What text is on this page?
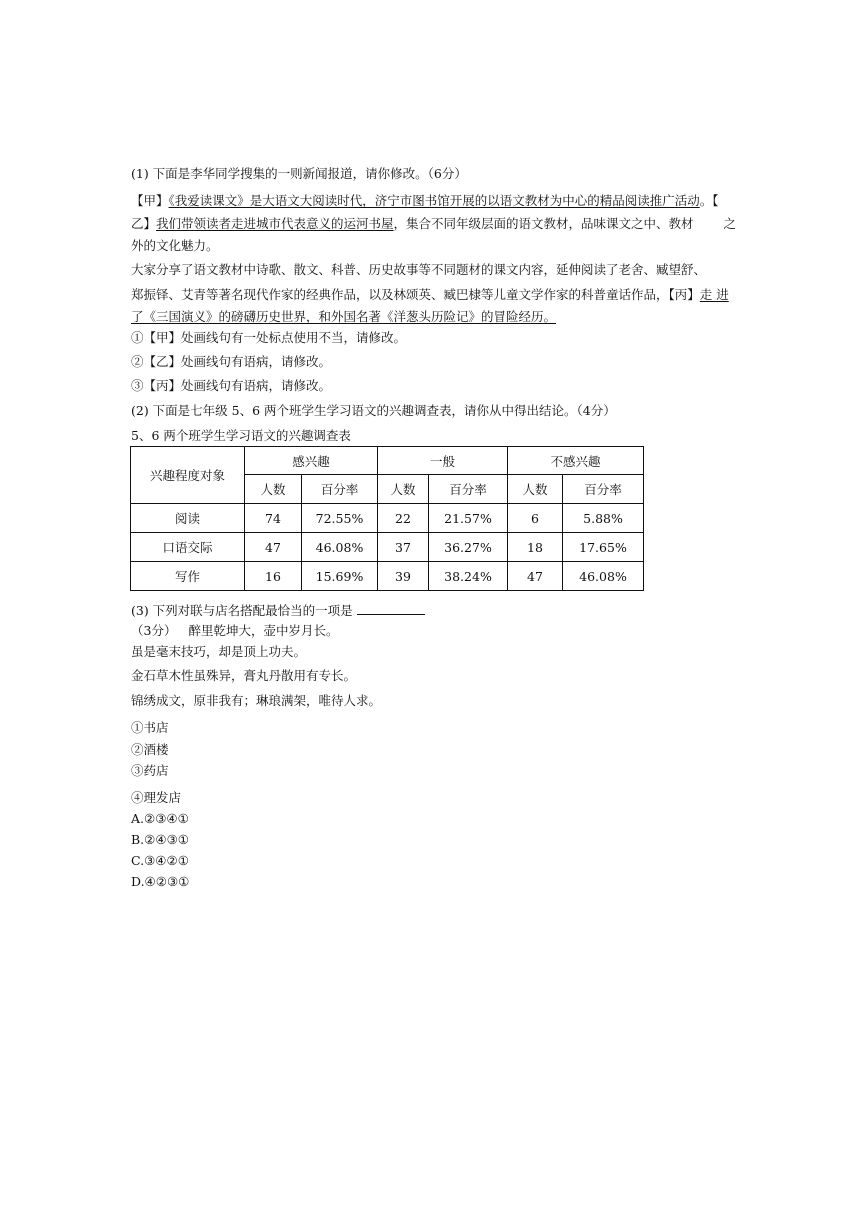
(1) 下面是李华同学搜集的一则新闻报道，请你修改。（6分）
【甲】《我爱读课文》是大语文大阅读时代，济宁市图书馆开展的以语文教材为中心的精品阅读推广活动。【
乙】我们带领读者走进城市代表意义的运河书屋，集合不同年级层面的语文教材，品味课文之中、教材 之
外的文化魅力。
大家分享了语文教材中诗歌、散文、科普、历史故事等不同题材的课文内容，延伸阅读了老舍、臧望舒、
郑振铎、艾青等著名现代作家的经典作品，以及林颂英、臧巴棣等儿童文学作家的科普童话作品，【丙】走 进
了《三国演义》的磅礴历史世界，和外国名著《洋葱头历险记》的冒险经历。
①【甲】处画线句有一处标点使用不当，请修改。
②【乙】处画线句有语病，请修改。
③【丙】处画线句有语病，请修改。
(2) 下面是七年级 5、6 两个班学生学习语文的兴趣调查表，请你从中得出结论。（4分）
5、6 两个班学生学习语文的兴趣调查表
兴趣程度对象	感兴趣		一般		不感兴趣	
	人数	百分率	人数	百分率	人数	百分率
阅读	74	72.55%	22	21.57%	6	5.88%
口语交际	47	46.08%	37	36.27%	18	17.65%
写作	16	15.69%	39	38.24%	47	46.08%
(3) 下列对联与店名搭配最恰当的一项是
（3分） 醉里乾坤大，壶中岁月长。
虽是毫末技巧，却是顶上功夫。
金石草木性虽殊异，膏丸丹散用有专长。
锦绣成文，原非我有；琳琅满架，唯待人求。
①书店
②酒楼
③药店
④理发店
A.②③④①
B.②④③①
C.③④②①
D.④②③①
